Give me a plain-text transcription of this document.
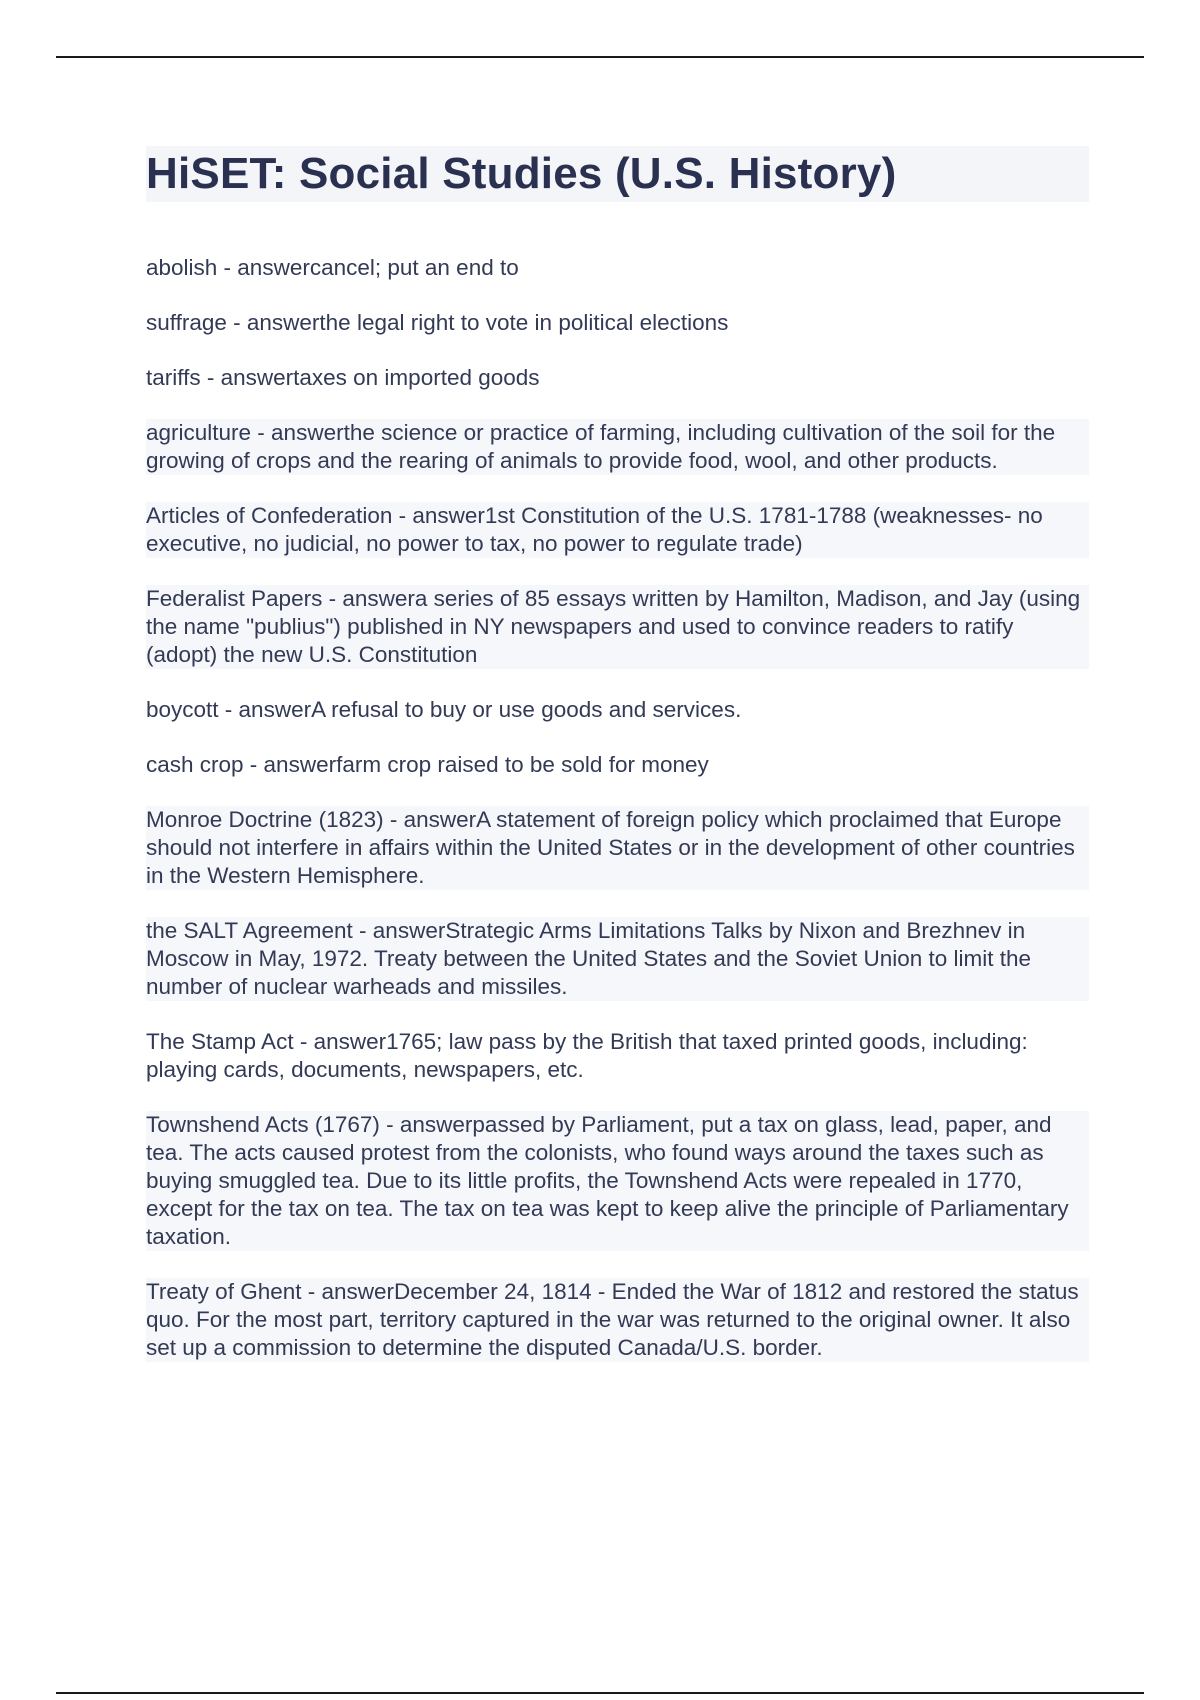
HiSET: Social Studies (U.S. History)

abolish - answercancel; put an end to

suffrage - answerthe legal right to vote in political elections

tariffs - answertaxes on imported goods

agriculture - answerthe science or practice of farming, including cultivation of the soil for the growing of crops and the rearing of animals to provide food, wool, and other products.

Articles of Confederation - answer1st Constitution of the U.S. 1781-1788 (weaknesses- no executive, no judicial, no power to tax, no power to regulate trade)

Federalist Papers - answera series of 85 essays written by Hamilton, Madison, and Jay (using the name "publius") published in NY newspapers and used to convince readers to ratify (adopt) the new U.S. Constitution

boycott - answerA refusal to buy or use goods and services.

cash crop - answerfarm crop raised to be sold for money

Monroe Doctrine (1823) - answerA statement of foreign policy which proclaimed that Europe should not interfere in affairs within the United States or in the development of other countries in the Western Hemisphere.

the SALT Agreement - answerStrategic Arms Limitations Talks by Nixon and Brezhnev in Moscow in May, 1972. Treaty between the United States and the Soviet Union to limit the number of nuclear warheads and missiles.

The Stamp Act - answer1765; law pass by the British that taxed printed goods, including: playing cards, documents, newspapers, etc.

Townshend Acts (1767) - answerpassed by Parliament, put a tax on glass, lead, paper, and tea. The acts caused protest from the colonists, who found ways around the taxes such as buying smuggled tea. Due to its little profits, the Townshend Acts were repealed in 1770, except for the tax on tea. The tax on tea was kept to keep alive the principle of Parliamentary taxation.

Treaty of Ghent - answerDecember 24, 1814 - Ended the War of 1812 and restored the status quo. For the most part, territory captured in the war was returned to the original owner. It also set up a commission to determine the disputed Canada/U.S. border.
